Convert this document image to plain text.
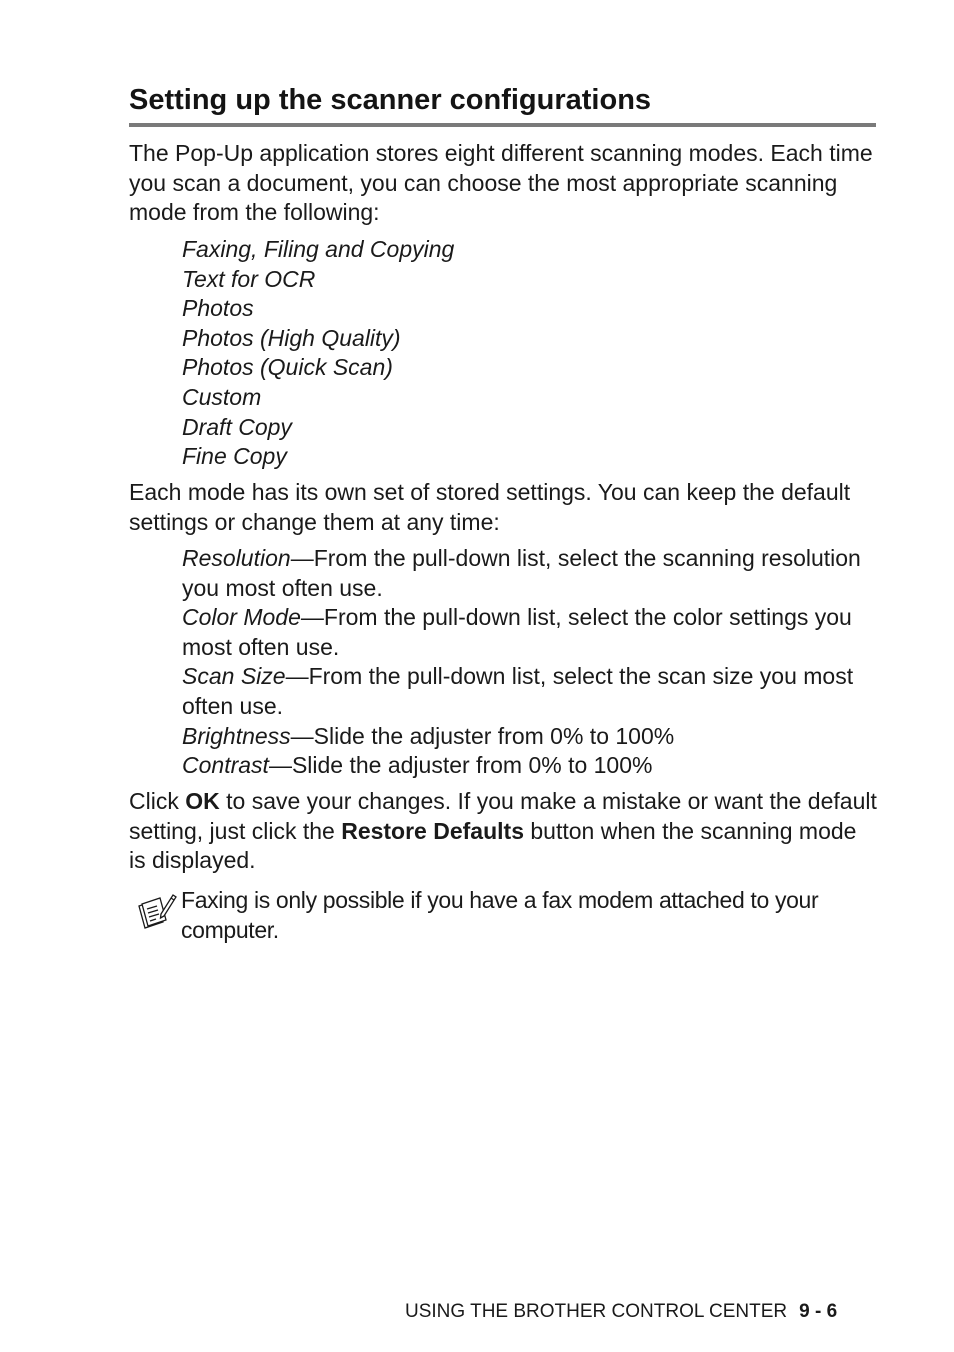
Setting up the scanner configurations

The Pop-Up application stores eight different scanning modes. Each time you scan a document, you can choose the most appropriate scanning mode from the following:

Faxing, Filing and Copying
Text for OCR
Photos
Photos (High Quality)
Photos (Quick Scan)
Custom
Draft Copy
Fine Copy

Each mode has its own set of stored settings. You can keep the default settings or change them at any time:

Resolution—From the pull-down list, select the scanning resolution you most often use.
Color Mode—From the pull-down list, select the color settings you most often use.
Scan Size—From the pull-down list, select the scan size you most often use.
Brightness—Slide the adjuster from 0% to 100%
Contrast—Slide the adjuster from 0% to 100%

Click OK to save your changes. If you make a mistake or want the default setting, just click the Restore Defaults button when the scanning mode is displayed.

Faxing is only possible if you have a fax modem attached to your computer.

USING THE BROTHER CONTROL CENTER 9 - 6
